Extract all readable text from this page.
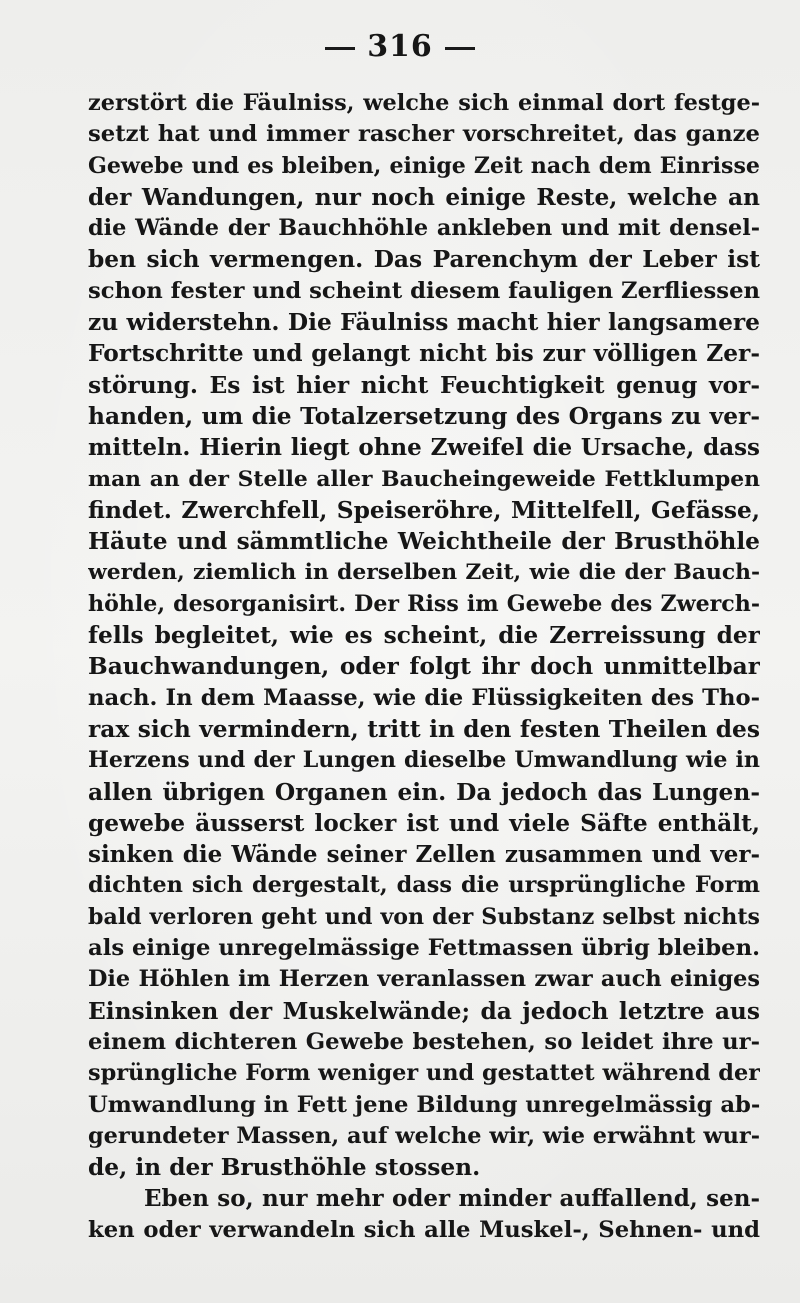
316
zerstört die Fäulniss, welche sich einmal dort festge-
setzt hat und immer rascher vorschreitet, das ganze
Gewebe und es bleiben, einige Zeit nach dem Einrisse
der Wandungen, nur noch einige Reste, welche an
die Wände der Bauchhöhle ankleben und mit densel-
ben sich vermengen. Das Parenchym der Leber ist
schon fester und scheint diesem fauligen Zerfliessen
zu widerstehn. Die Fäulniss macht hier langsamere
Fortschritte und gelangt nicht bis zur völligen Zer-
störung. Es ist hier nicht Feuchtigkeit genug vor-
handen, um die Totalzersetzung des Organs zu ver-
mitteln. Hierin liegt ohne Zweifel die Ursache, dass
man an der Stelle aller Baucheingeweide Fettklumpen
findet. Zwerchfell, Speiseröhre, Mittelfell, Gefässe,
Häute und sämmtliche Weichtheile der Brusthöhle
werden, ziemlich in derselben Zeit, wie die der Bauch-
höhle, desorganisirt. Der Riss im Gewebe des Zwerch-
fells begleitet, wie es scheint, die Zerreissung der
Bauchwandungen, oder folgt ihr doch unmittelbar
nach. In dem Maasse, wie die Flüssigkeiten des Tho-
rax sich vermindern, tritt in den festen Theilen des
Herzens und der Lungen dieselbe Umwandlung wie in
allen übrigen Organen ein. Da jedoch das Lungen-
gewebe äusserst locker ist und viele Säfte enthält,
sinken die Wände seiner Zellen zusammen und ver-
dichten sich dergestalt, dass die ursprüngliche Form
bald verloren geht und von der Substanz selbst nichts
als einige unregelmässige Fettmassen übrig bleiben.
Die Höhlen im Herzen veranlassen zwar auch einiges
Einsinken der Muskelwände; da jedoch letztre aus
einem dichteren Gewebe bestehen, so leidet ihre ur-
sprüngliche Form weniger und gestattet während der
Umwandlung in Fett jene Bildung unregelmässig ab-
gerundeter Massen, auf welche wir, wie erwähnt wur-
de, in der Brusthöhle stossen.
Eben so, nur mehr oder minder auffallend, sen-
ken oder verwandeln sich alle Muskel-, Sehnen- und
